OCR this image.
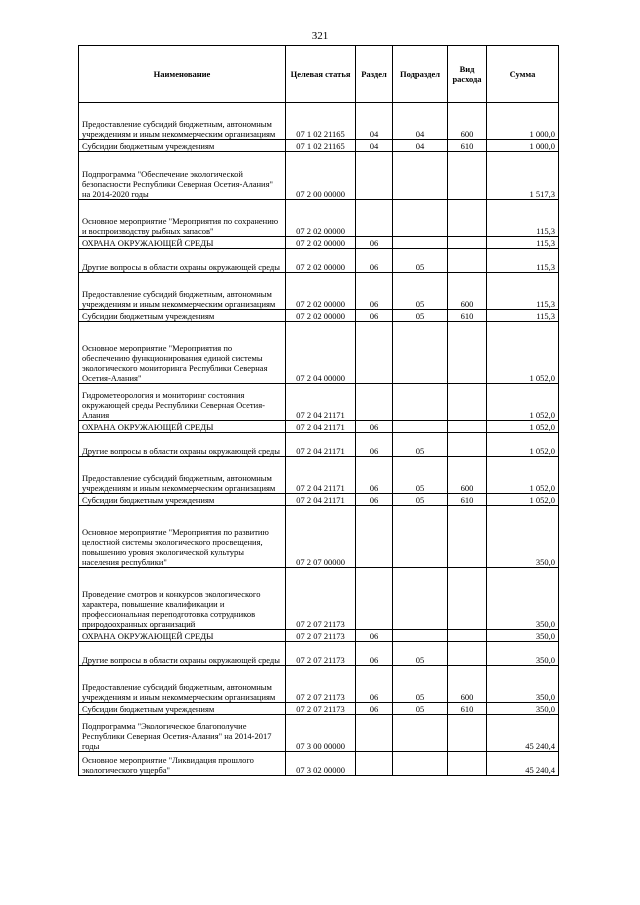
321
Наименование	Целевая статья	Раздел	Подраздел	Вид расхода	Сумма
Предоставление субсидий бюджетным, автономным учреждениям и иным некоммерческим организациям	07 1 02 21165	04	04	600	1 000,0
Субсидии бюджетным учреждениям	07 1 02 21165	04	04	610	1 000,0
Подпрограмма "Обеспечение экологической безопасности Республики Северная Осетия-Алания" на 2014-2020 годы	07 2 00 00000				1 517,3
Основное мероприятие "Мероприятия по сохранению и воспроизводству рыбных запасов"	07 2 02 00000				115,3
ОХРАНА ОКРУЖАЮЩЕЙ СРЕДЫ	07 2 02 00000	06			115,3
Другие вопросы в области охраны окружающей среды	07 2 02 00000	06	05		115,3
Предоставление субсидий бюджетным, автономным учреждениям и иным некоммерческим организациям	07 2 02 00000	06	05	600	115,3
Субсидии бюджетным учреждениям	07 2 02 00000	06	05	610	115,3
Основное мероприятие "Мероприятия по обеспечению функционирования единой системы экологического мониторинга Республики Северная Осетия-Алания"	07 2 04 00000				1 052,0
Гидрометеорология и мониторинг состояния окружающей среды Республики Северная Осетия-Алания	07 2 04 21171				1 052,0
ОХРАНА ОКРУЖАЮЩЕЙ СРЕДЫ	07 2 04 21171	06			1 052,0
Другие вопросы в области охраны окружающей среды	07 2 04 21171	06	05		1 052,0
Предоставление субсидий бюджетным, автономным учреждениям и иным некоммерческим организациям	07 2 04 21171	06	05	600	1 052,0
Субсидии бюджетным учреждениям	07 2 04 21171	06	05	610	1 052,0
Основное мероприятие "Мероприятия по развитию целостной системы экологического просвещения, повышению уровня экологической культуры населения республики"	07 2 07 00000				350,0
Проведение смотров и конкурсов экологического характера, повышение квалификации и профессиональная переподготовка сотрудников природоохранных организаций	07 2 07 21173				350,0
ОХРАНА ОКРУЖАЮЩЕЙ СРЕДЫ	07 2 07 21173	06			350,0
Другие вопросы в области охраны окружающей среды	07 2 07 21173	06	05		350,0
Предоставление субсидий бюджетным, автономным учреждениям и иным некоммерческим организациям	07 2 07 21173	06	05	600	350,0
Субсидии бюджетным учреждениям	07 2 07 21173	06	05	610	350,0
Подпрограмма "Экологическое благополучие Республики Северная Осетия-Алания" на 2014-2017 годы	07 3 00 00000				45 240,4
Основное мероприятие "Ликвидация прошлого экологического ущерба"	07 3 02 00000				45 240,4
